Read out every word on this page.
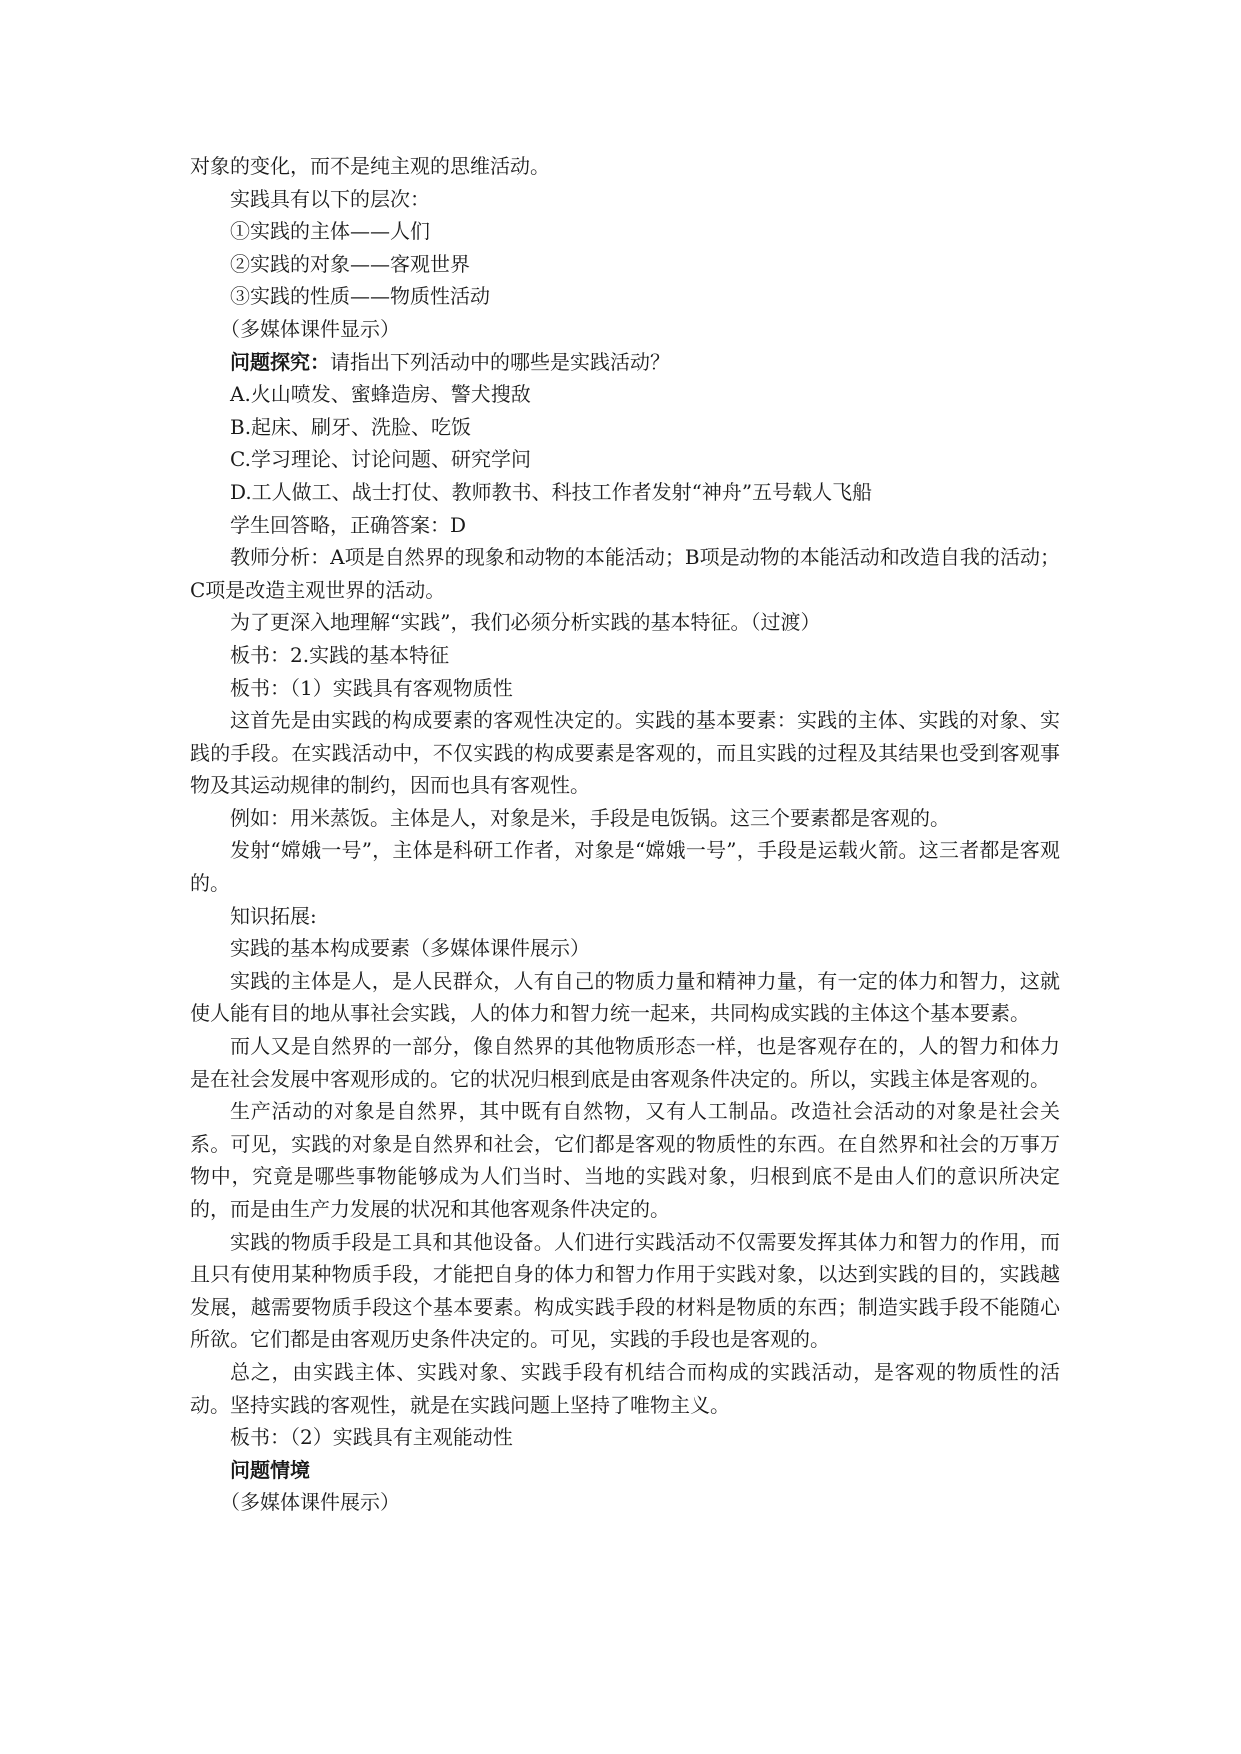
对象的变化，而不是纯主观的思维活动。

实践具有以下的层次：

①实践的主体——人们

②实践的对象——客观世界

③实践的性质——物质性活动

（多媒体课件显示）

问题探究：请指出下列活动中的哪些是实践活动？

A.火山喷发、蜜蜂造房、警犬搜敌

B.起床、刷牙、洗脸、吃饭

C.学习理论、讨论问题、研究学问

D.工人做工、战士打仗、教师教书、科技工作者发射“神舟”五号载人飞船

学生回答略，正确答案：D

教师分析：A项是自然界的现象和动物的本能活动；B项是动物的本能活动和改造自我的活动；C项是改造主观世界的活动。

为了更深入地理解“实践”，我们必须分析实践的基本特征。（过渡）

板书：2.实践的基本特征

板书：（1）实践具有客观物质性

这首先是由实践的构成要素的客观性决定的。实践的基本要素：实践的主体、实践的对象、实践的手段。在实践活动中，不仅实践的构成要素是客观的，而且实践的过程及其结果也受到客观事物及其运动规律的制约，因而也具有客观性。

例如：用米蒸饭。主体是人，对象是米，手段是电饭锅。这三个要素都是客观的。

发射“嫦娥一号”，主体是科研工作者，对象是“嫦娥一号”，手段是运载火箭。这三者都是客观的。

知识拓展:

实践的基本构成要素（多媒体课件展示）

实践的主体是人，是人民群众，人有自己的物质力量和精神力量，有一定的体力和智力，这就使人能有目的地从事社会实践，人的体力和智力统一起来，共同构成实践的主体这个基本要素。

而人又是自然界的一部分，像自然界的其他物质形态一样，也是客观存在的，人的智力和体力是在社会发展中客观形成的。它的状况归根到底是由客观条件决定的。所以，实践主体是客观的。

生产活动的对象是自然界，其中既有自然物，又有人工制品。改造社会活动的对象是社会关系。可见，实践的对象是自然界和社会，它们都是客观的物质性的东西。在自然界和社会的万事万物中，究竟是哪些事物能够成为人们当时、当地的实践对象，归根到底不是由人们的意识所决定的，而是由生产力发展的状况和其他客观条件决定的。

实践的物质手段是工具和其他设备。人们进行实践活动不仅需要发挥其体力和智力的作用，而且只有使用某种物质手段，才能把自身的体力和智力作用于实践对象，以达到实践的目的，实践越发展，越需要物质手段这个基本要素。构成实践手段的材料是物质的东西；制造实践手段不能随心所欲。它们都是由客观历史条件决定的。可见，实践的手段也是客观的。

总之，由实践主体、实践对象、实践手段有机结合而构成的实践活动，是客观的物质性的活动。坚持实践的客观性，就是在实践问题上坚持了唯物主义。

板书：（2）实践具有主观能动性

问题情境

（多媒体课件展示）
